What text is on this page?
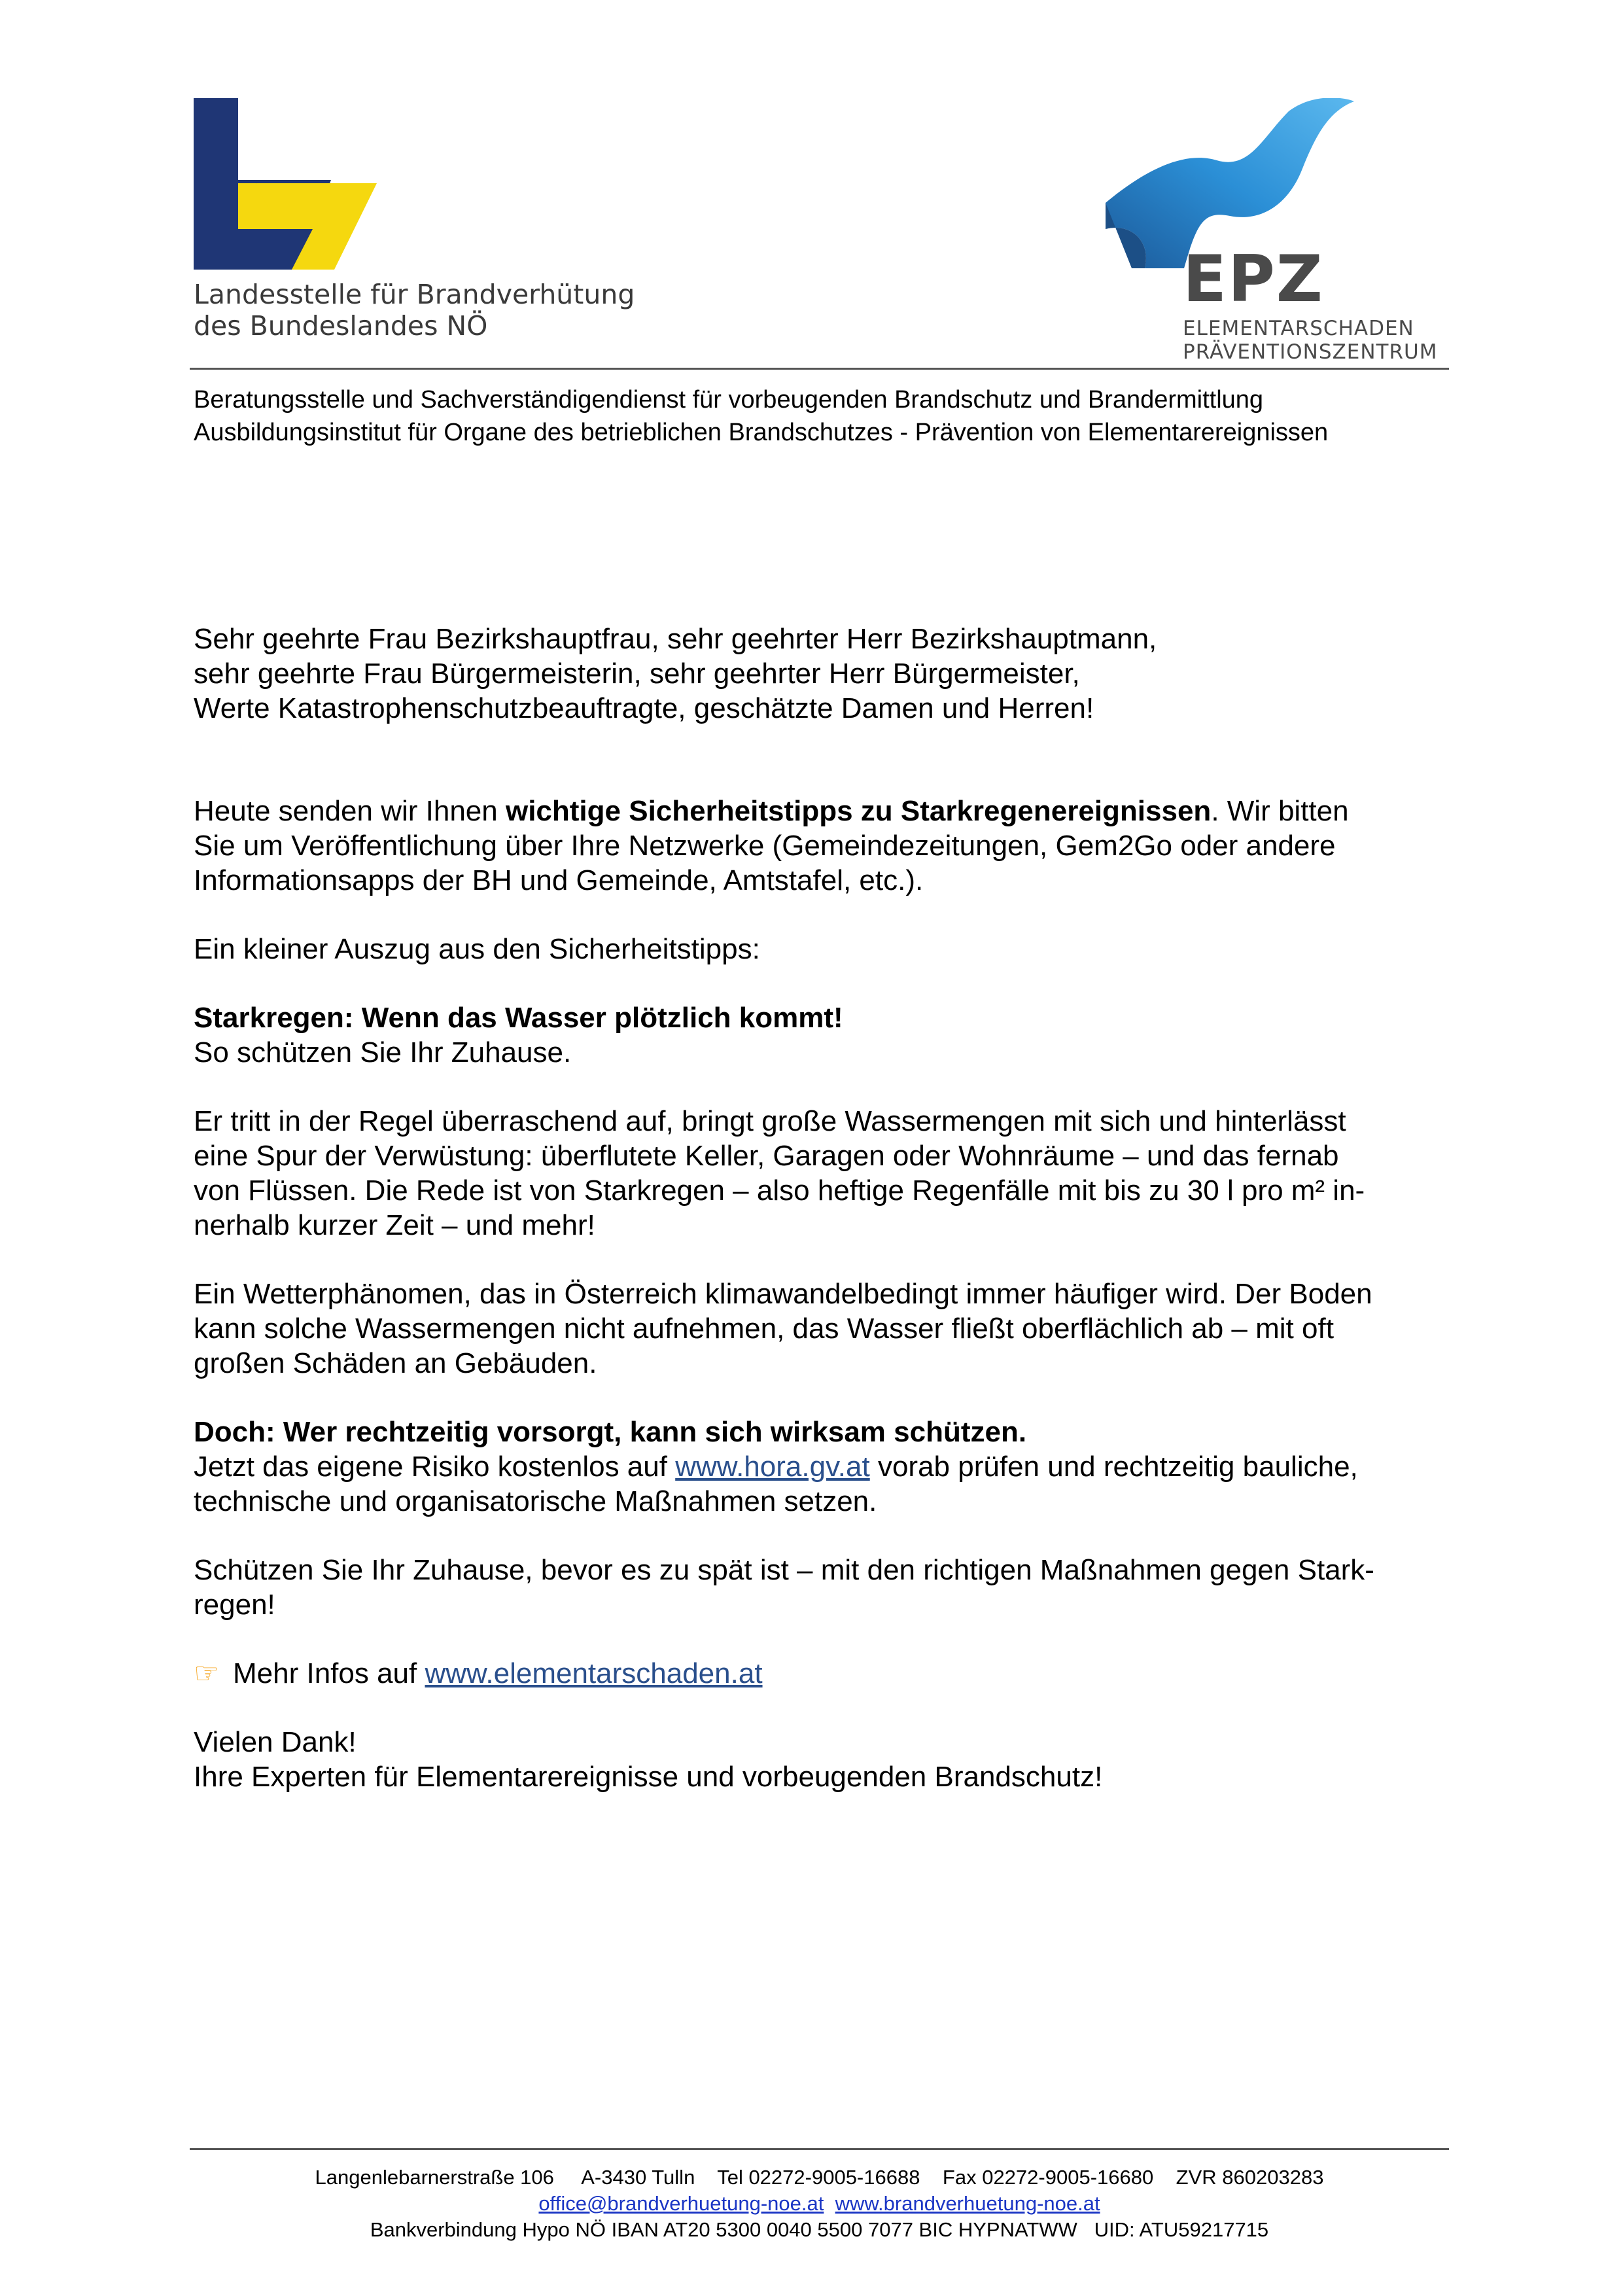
Landesstelle für Brandverhütung
des Bundeslandes NÖ
EPZ
ELEMENTARSCHADEN
PRÄVENTIONSZENTRUM
Beratungsstelle und Sachverständigendienst für vorbeugenden Brandschutz und Brandermittlung
Ausbildungsinstitut für Organe des betrieblichen Brandschutzes - Prävention von Elementarereignissen

Sehr geehrte Frau Bezirkshauptfrau, sehr geehrter Herr Bezirkshauptmann,

sehr geehrte Frau Bürgermeisterin, sehr geehrter Herr Bürgermeister,

Werte Katastrophenschutzbeauftragte, geschätzte Damen und Herren!

Heute senden wir Ihnen wichtige Sicherheitstipps zu Starkregenereignissen. Wir bitten

Sie um Veröffentlichung über Ihre Netzwerke (Gemeindezeitungen, Gem2Go oder andere

Informationsapps der BH und Gemeinde, Amtstafel, etc.).

Ein kleiner Auszug aus den Sicherheitstipps:

Starkregen: Wenn das Wasser plötzlich kommt!

So schützen Sie Ihr Zuhause.

Er tritt in der Regel überraschend auf, bringt große Wassermengen mit sich und hinterlässt

eine Spur der Verwüstung: überflutete Keller, Garagen oder Wohnräume – und das fernab

von Flüssen. Die Rede ist von Starkregen – also heftige Regenfälle mit bis zu 30 l pro m² in-

nerhalb kurzer Zeit – und mehr!

Ein Wetterphänomen, das in Österreich klimawandelbedingt immer häufiger wird. Der Boden

kann solche Wassermengen nicht aufnehmen, das Wasser fließt oberflächlich ab – mit oft

großen Schäden an Gebäuden.

Doch: Wer rechtzeitig vorsorgt, kann sich wirksam schützen.

Jetzt das eigene Risiko kostenlos auf www.hora.gv.at vorab prüfen und rechtzeitig bauliche,

technische und organisatorische Maßnahmen setzen.

Schützen Sie Ihr Zuhause, bevor es zu spät ist – mit den richtigen Maßnahmen gegen Stark-

regen!

☞ Mehr Infos auf www.elementarschaden.at

Vielen Dank!

Ihre Experten für Elementarereignisse und vorbeugenden Brandschutz!

Langenlebarnerstraße 106     A-3430 Tulln    Tel 02272-9005-16688    Fax 02272-9005-16680    ZVR 860203283
office@brandverhuetung-noe.at www.brandverhuetung-noe.at
Bankverbindung Hypo NÖ IBAN AT20 5300 0040 5500 7077 BIC HYPNATWW   UID: ATU59217715
